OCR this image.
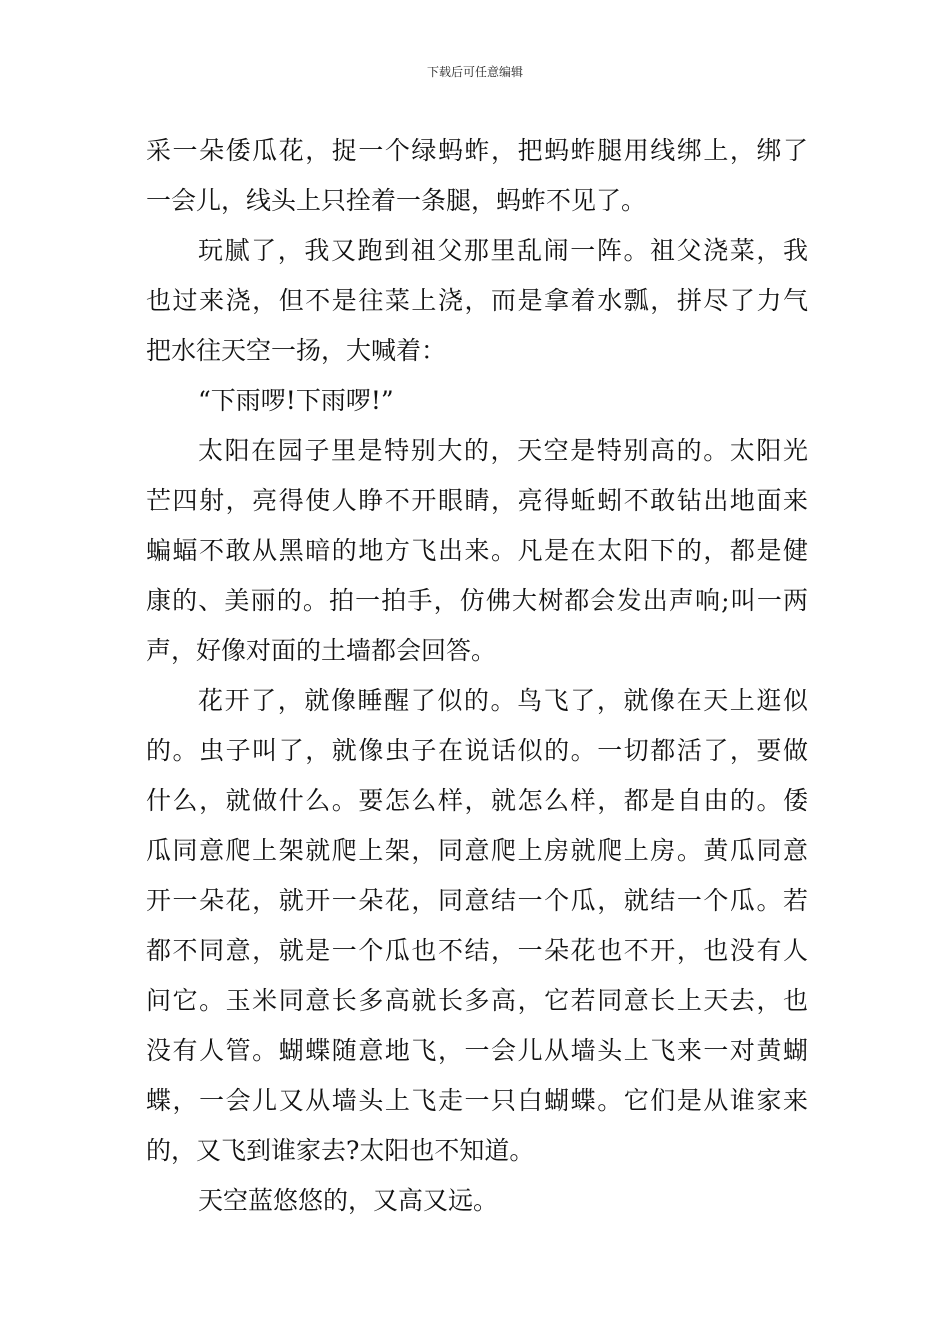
下载后可任意编辑
采一朵倭瓜花，捉一个绿蚂蚱，把蚂蚱腿用线绑上，绑了
一会儿，线头上只拴着一条腿，蚂蚱不见了。
玩腻了，我又跑到祖父那里乱闹一阵。祖父浇菜，我
也过来浇，但不是往菜上浇，而是拿着水瓢，拼尽了力气
把水往天空一扬，大喊着：
“下雨啰!下雨啰!”
太阳在园子里是特别大的，天空是特别高的。太阳光
芒四射，亮得使人睁不开眼睛，亮得蚯蚓不敢钻出地面来
蝙蝠不敢从黑暗的地方飞出来。凡是在太阳下的，都是健
康的、美丽的。拍一拍手，仿佛大树都会发出声响;叫一两
声，好像对面的土墙都会回答。
花开了，就像睡醒了似的。鸟飞了，就像在天上逛似
的。虫子叫了，就像虫子在说话似的。一切都活了，要做
什么，就做什么。要怎么样，就怎么样，都是自由的。倭
瓜同意爬上架就爬上架，同意爬上房就爬上房。黄瓜同意
开一朵花，就开一朵花，同意结一个瓜，就结一个瓜。若
都不同意，就是一个瓜也不结，一朵花也不开，也没有人
问它。玉米同意长多高就长多高，它若同意长上天去，也
没有人管。蝴蝶随意地飞，一会儿从墙头上飞来一对黄蝴
蝶，一会儿又从墙头上飞走一只白蝴蝶。它们是从谁家来
的，又飞到谁家去?太阳也不知道。
天空蓝悠悠的，又高又远。
